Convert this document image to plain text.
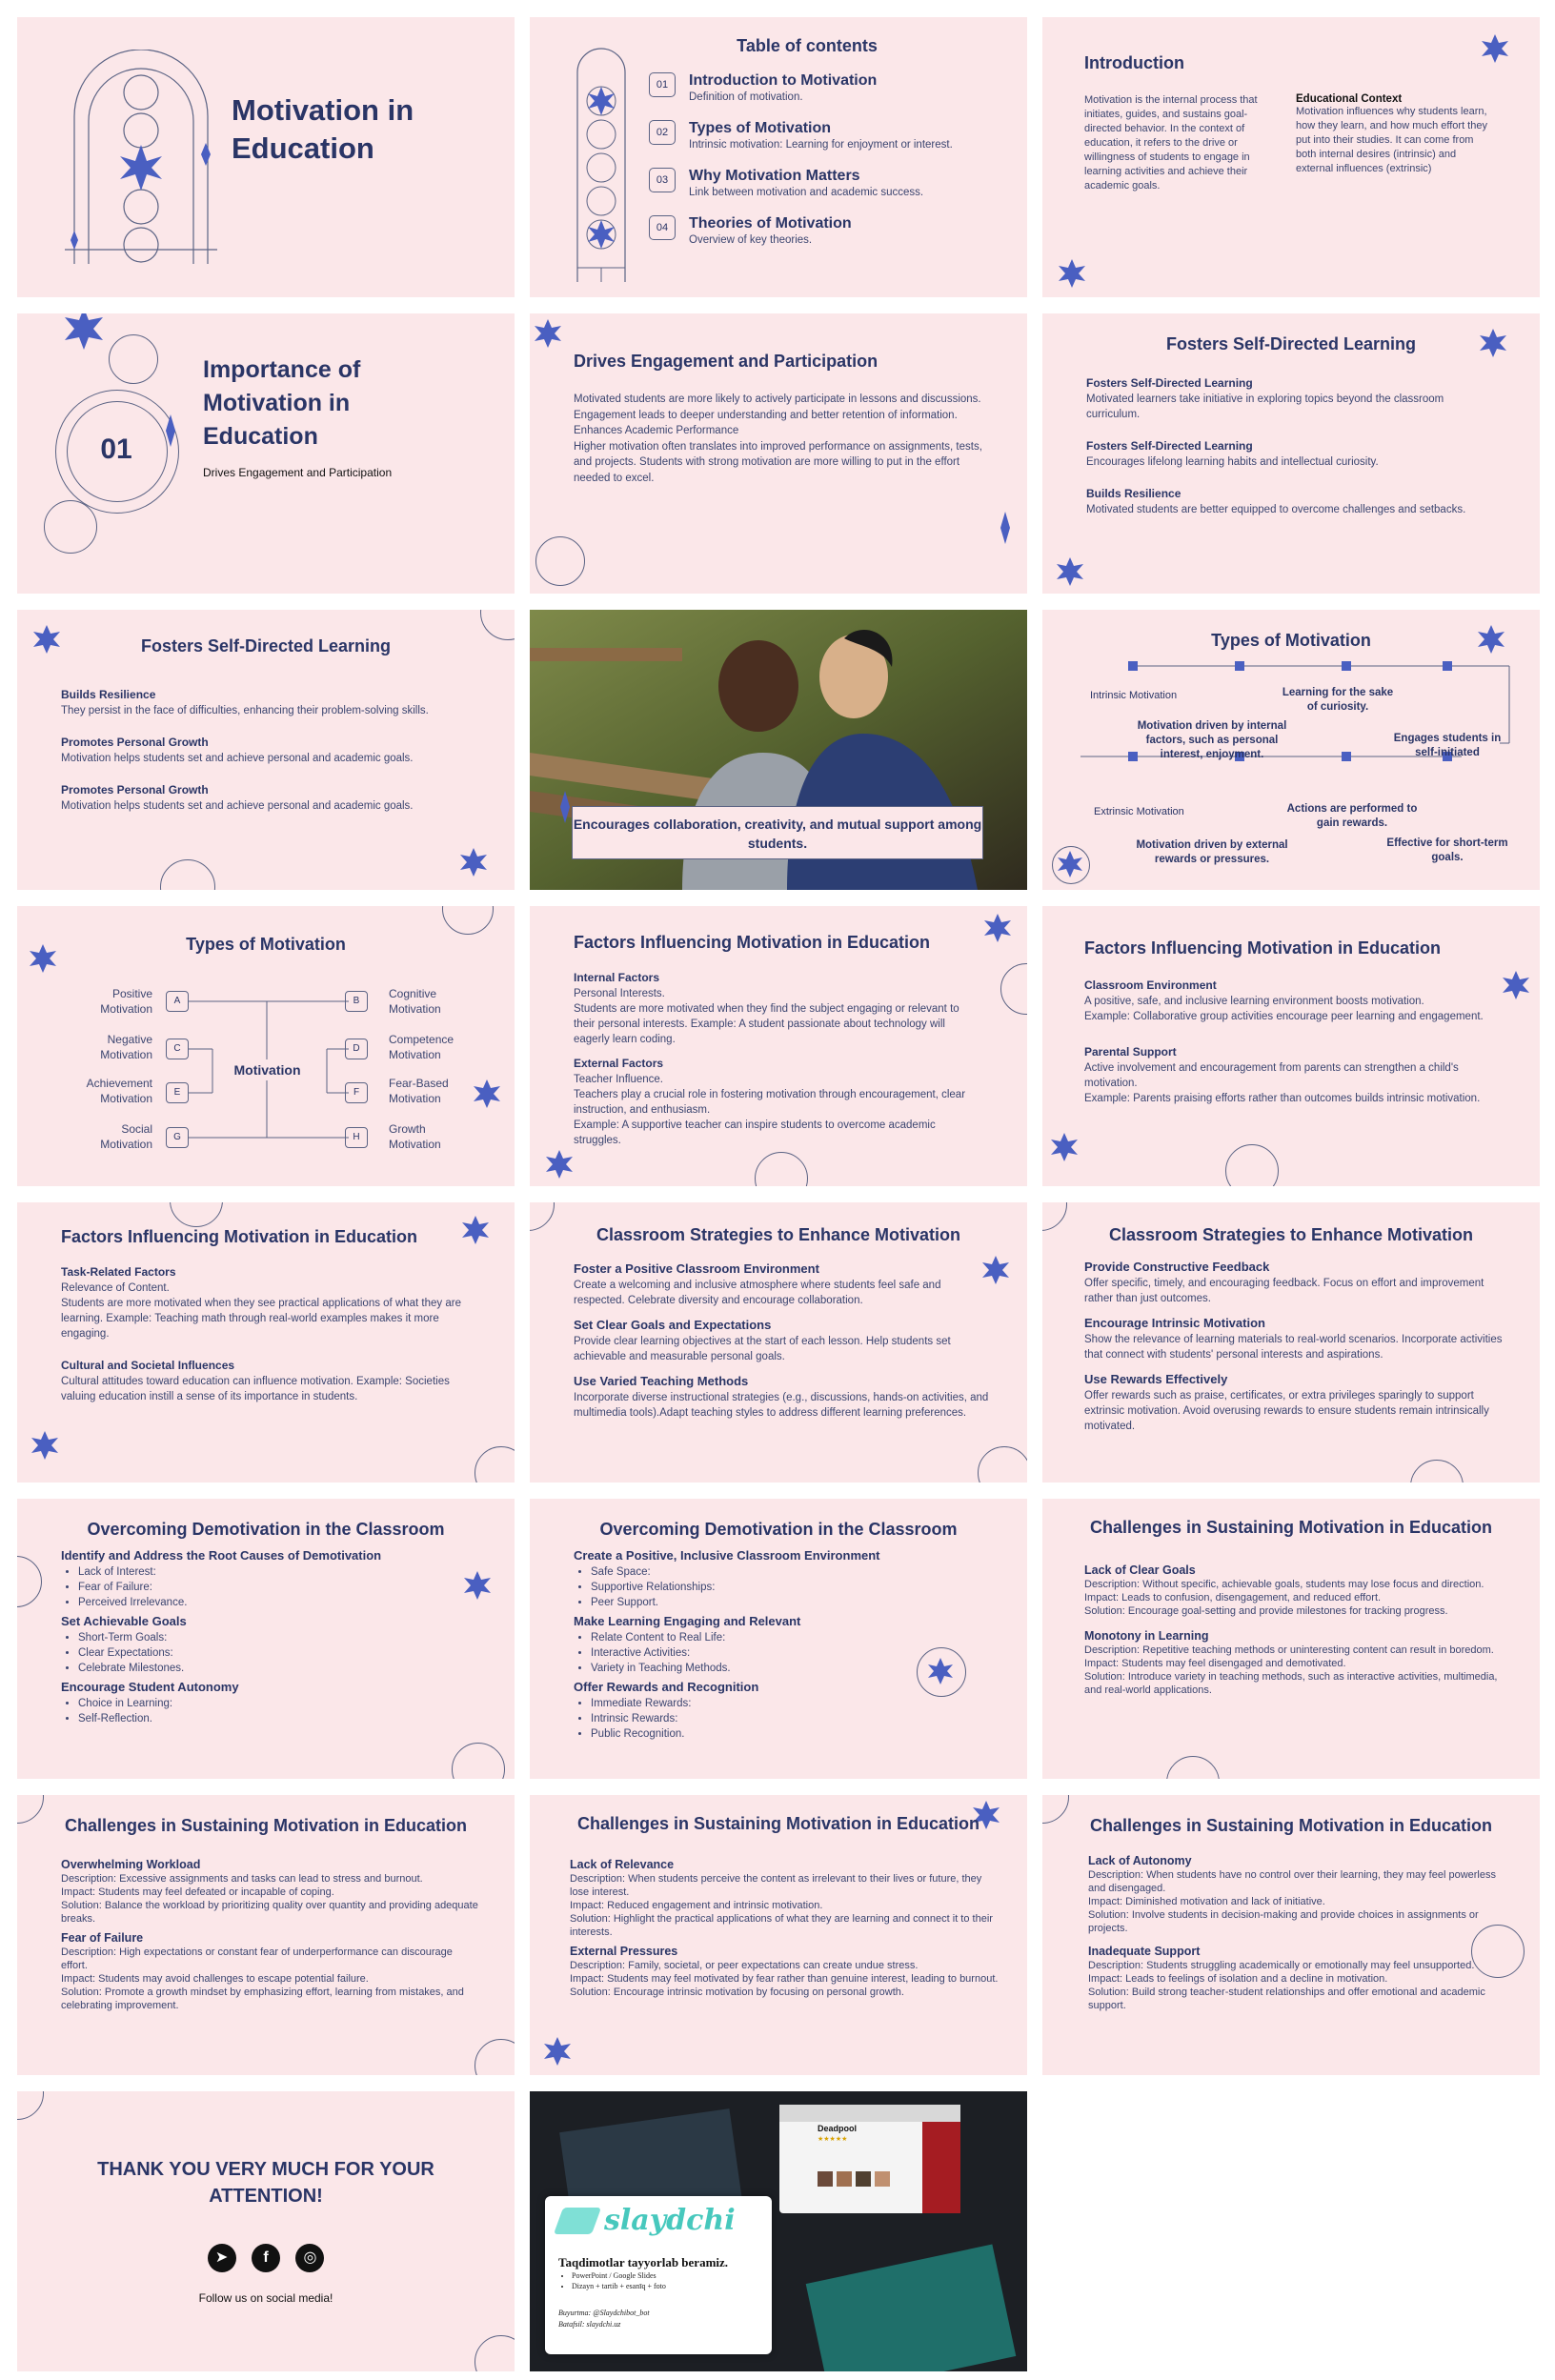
Motivation in Education
Table of contents
01 Introduction to Motivation
Definition of motivation.
02 Types of Motivation
Intrinsic motivation: Learning for enjoyment or interest.
03 Why Motivation Matters
Link between motivation and academic success.
04 Theories of Motivation
Overview of key theories.
Introduction

Motivation is the internal process that initiates, guides, and sustains goal-directed behavior. In the context of education, it refers to the drive or willingness of students to engage in learning activities and achieve their academic goals.

Educational Context

Motivation influences why students learn, how they learn, and how much effort they put into their studies. It can come from both internal desires (intrinsic) and external influences (extrinsic)

01
Importance of Motivation in Education
Drives Engagement and Participation
Drives Engagement and Participation

Motivated students are more likely to actively participate in lessons and discussions.
Engagement leads to deeper understanding and better retention of information.
Enhances Academic Performance
Higher motivation often translates into improved performance on assignments, tests, and projects. Students with strong motivation are more willing to put in the effort needed to excel.

Fosters Self-Directed Learning
Fosters Self-Directed Learning

Motivated learners take initiative in exploring topics beyond the classroom curriculum.

Fosters Self-Directed Learning

Encourages lifelong learning habits and intellectual curiosity.

Builds Resilience

Motivated students are better equipped to overcome challenges and setbacks.

Fosters Self-Directed Learning
Builds Resilience

They persist in the face of difficulties, enhancing their problem-solving skills.

Promotes Personal Growth

Motivation helps students set and achieve personal and academic goals.

Promotes Personal Growth

Motivation helps students set and achieve personal and academic goals.

Encourages collaboration, creativity, and mutual support among students.
Types of Motivation
Intrinsic Motivation
Motivation driven by internal factors, such as personal interest, enjoyment.
Learning for the sake of curiosity.
Engages students in self-initiated
Extrinsic Motivation
Motivation driven by external rewards or pressures.
Actions are performed to gain rewards.
Effective for short-term goals.
Types of Motivation
Motivation
A
C
E
G
Positive Motivation
Negative Motivation
Achievement Motivation
Social Motivation
B
D
F
H
Cognitive Motivation
Competence Motivation
Fear-Based Motivation
Growth Motivation
Factors Influencing Motivation in Education
Internal Factors

Personal Interests.
Students are more motivated when they find the subject engaging or relevant to their personal interests. Example: A student passionate about technology will eagerly learn coding.

External Factors

Teacher Influence.
Teachers play a crucial role in fostering motivation through encouragement, clear instruction, and enthusiasm.
Example: A supportive teacher can inspire students to overcome academic struggles.

Factors Influencing Motivation in Education
Classroom Environment

A positive, safe, and inclusive learning environment boosts motivation.
Example: Collaborative group activities encourage peer learning and engagement.

Parental Support

Active involvement and encouragement from parents can strengthen a child's motivation.
Example: Parents praising efforts rather than outcomes builds intrinsic motivation.

Factors Influencing Motivation in Education
Task-Related Factors

Relevance of Content.
Students are more motivated when they see practical applications of what they are learning. Example: Teaching math through real-world examples makes it more engaging.

Cultural and Societal Influences

Cultural attitudes toward education can influence motivation. Example: Societies valuing education instill a sense of its importance in students.

Classroom Strategies to Enhance Motivation
Foster a Positive Classroom Environment

Create a welcoming and inclusive atmosphere where students feel safe and respected. Celebrate diversity and encourage collaboration.

Set Clear Goals and Expectations

Provide clear learning objectives at the start of each lesson. Help students set achievable and measurable personal goals.

Use Varied Teaching Methods

Incorporate diverse instructional strategies (e.g., discussions, hands-on activities, and multimedia tools).Adapt teaching styles to address different learning preferences.

Classroom Strategies to Enhance Motivation
Provide Constructive Feedback

Offer specific, timely, and encouraging feedback. Focus on effort and improvement rather than just outcomes.

Encourage Intrinsic Motivation

Show the relevance of learning materials to real-world scenarios. Incorporate activities that connect with students' personal interests and aspirations.

Use Rewards Effectively

Offer rewards such as praise, certificates, or extra privileges sparingly to support extrinsic motivation. Avoid overusing rewards to ensure students remain intrinsically motivated.

Overcoming Demotivation in the Classroom
Identify and Address the Root Causes of Demotivation
• Lack of Interest:
• Fear of Failure:
• Perceived Irrelevance.
Set Achievable Goals
• Short-Term Goals:
• Clear Expectations:
• Celebrate Milestones.
Encourage Student Autonomy
• Choice in Learning:
• Self-Reflection.
Overcoming Demotivation in the Classroom
Create a Positive, Inclusive Classroom Environment
• Safe Space:
• Supportive Relationships:
• Peer Support.
Make Learning Engaging and Relevant
• Relate Content to Real Life:
• Interactive Activities:
• Variety in Teaching Methods.
Offer Rewards and Recognition
• Immediate Rewards:
• Intrinsic Rewards:
• Public Recognition.
Challenges in Sustaining Motivation in Education
Lack of Clear Goals

Description: Without specific, achievable goals, students may lose focus and direction.
Impact: Leads to confusion, disengagement, and reduced effort.
Solution: Encourage goal-setting and provide milestones for tracking progress.

Monotony in Learning

Description: Repetitive teaching methods or uninteresting content can result in boredom.
Impact: Students may feel disengaged and demotivated.
Solution: Introduce variety in teaching methods, such as interactive activities, multimedia, and real-world applications.

Challenges in Sustaining Motivation in Education
Overwhelming Workload

Description: Excessive assignments and tasks can lead to stress and burnout.
Impact: Students may feel defeated or incapable of coping.
Solution: Balance the workload by prioritizing quality over quantity and providing adequate breaks.

Fear of Failure

Description: High expectations or constant fear of underperformance can discourage effort.
Impact: Students may avoid challenges to escape potential failure.
Solution: Promote a growth mindset by emphasizing effort, learning from mistakes, and celebrating improvement.

Challenges in Sustaining Motivation in Education
Lack of Relevance

Description: When students perceive the content as irrelevant to their lives or future, they lose interest.
Impact: Reduced engagement and intrinsic motivation.
Solution: Highlight the practical applications of what they are learning and connect it to their interests.

External Pressures

Description: Family, societal, or peer expectations can create undue stress.
Impact: Students may feel motivated by fear rather than genuine interest, leading to burnout.
Solution: Encourage intrinsic motivation by focusing on personal growth.

Challenges in Sustaining Motivation in Education
Lack of Autonomy

Description: When students have no control over their learning, they may feel powerless and disengaged.
Impact: Diminished motivation and lack of initiative.
Solution: Involve students in decision-making and provide choices in assignments or projects.

Inadequate Support

Description: Students struggling academically or emotionally may feel unsupported.
Impact: Leads to feelings of isolation and a decline in motivation.
Solution: Build strong teacher-student relationships and offer emotional and academic support.

THANK YOU VERY MUCH FOR YOUR ATTENTION!
➤ f ◎
Follow us on social media!
Deadpool
★★★★★
slaydchi
Taqdimotlar tayyorlab beramiz.
• PowerPoint / Google Slides
• Dizayn + tartib + esanīq + foto
Buyurtma: @Slaydchibot_bot
Batafsil: slaydchi.uz
